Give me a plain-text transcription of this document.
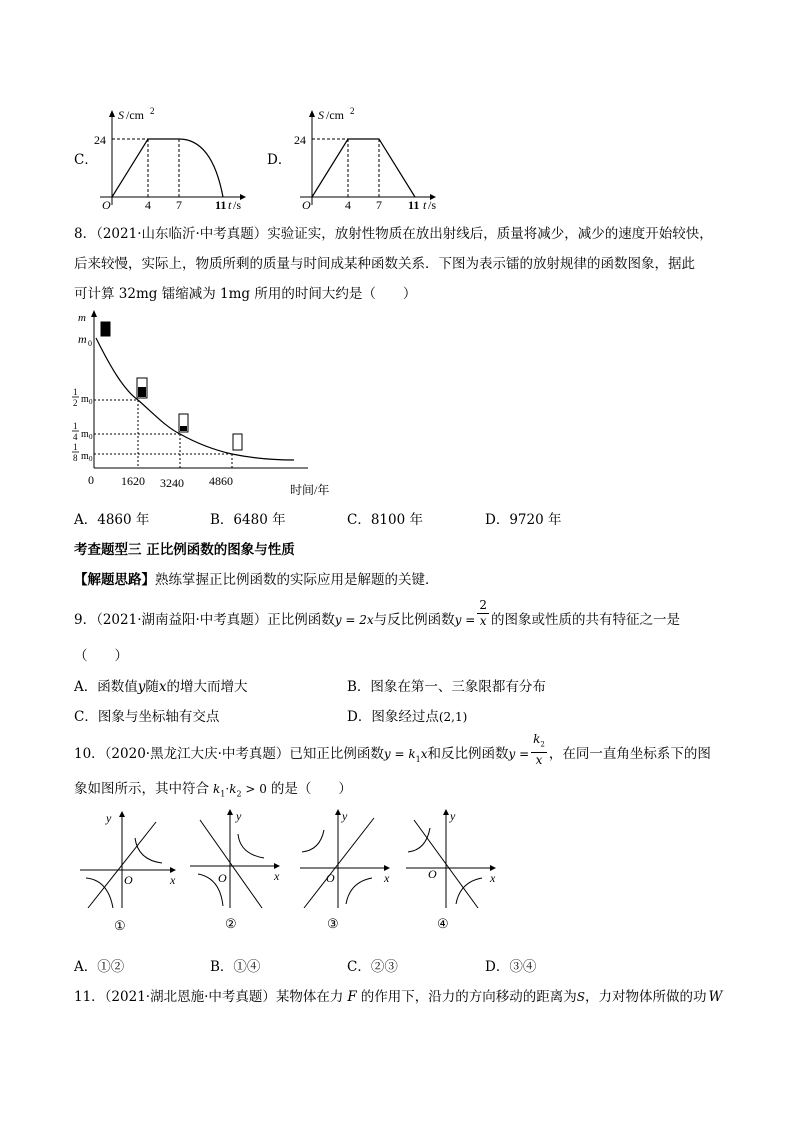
C．
S /cm 2
24
O	4 7	11 t /s
D．
S /cm 2
24
O	4 7 11 t /s
8．（2021·山东临沂·中考真题）实验证实，放射性物质在放出射线后，质量将减少，减少的速度开始较快，
后来较慢，实际上，物质所剩的质量与时间成某种函数关系．下图为表示镭的放射规律的函数图象，据此
可计算 32mg 镭缩减为 1mg 所用的时间大约是（　　）
m
m 0
1
2 m 0
1
4 m 0
1
8 m 0
0 1620 3240 4860
时间/年
A．4860 年	B．6480 年	C．8100 年	D．9720 年
考查题型三 正比例函数的图象与性质
【解题思路】熟练掌握正比例函数的实际应用是解题的关键．
9．（2021·湖南益阳·中考真题）正比例函数y = 2x与反比例函数$y = \frac{2}{x}$ 的图象或性质的共有特征之一是
（　　）
A．函数值y随x的增大而增大	B．图象在第一、三象限都有分布
C．图象与坐标轴有交点	D．图象经过点(2,1)
10．（2020·黑龙江大庆·中考真题）已知正比例函数$y = k_1x$和反比例函数$y = \frac{k_2}{x}$ ，在同一直角坐标系下的图
象如图所示，其中符合 $k_1\cdot k_2 > 0$ 的是（　　）
y
x
O
①
y
x
O
②
y
x
O
③
y
x
O
④
A．①②	B．①④	C．②③	D．③④
11．（2021·湖北恩施·中考真题）某物体在力 F 的作用下，沿力的方向移动的距离为S，力对物体所做的功 W
